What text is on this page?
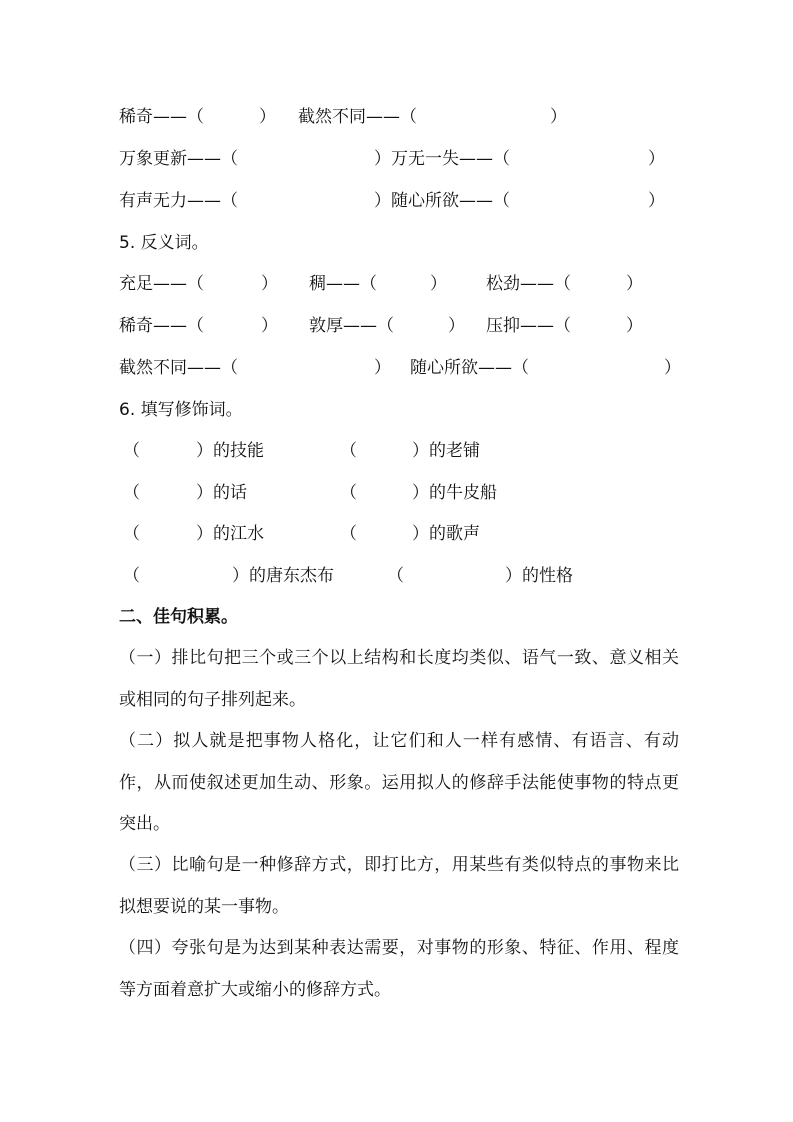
稀奇——（	） 截然不同——（	）
万象更新——（	）万无一失——（	）
有声无力——（	）随心所欲——（	）
5. 反义词。
充足——（	） 稠——（	） 松劲——（	）
稀奇——（	） 敦厚——（	） 压抑——（	）
截然不同——（	） 随心所欲——（	）
6. 填写修饰词。
（	）的技能	（	）的老铺
（	）的话	（	）的牛皮船
（	）的江水	（	）的歌声
（	）的唐东杰布	（	）的性格
二、佳句积累。
（一）排比句把三个或三个以上结构和长度均类似、语气一致、意义相关或相同的句子排列起来。
（二）拟人就是把事物人格化，让它们和人一样有感情、有语言、有动作，从而使叙述更加生动、形象。运用拟人的修辞手法能使事物的特点更突出。
（三）比喻句是一种修辞方式，即打比方，用某些有类似特点的事物来比拟想要说的某一事物。
（四）夸张句是为达到某种表达需要，对事物的形象、特征、作用、程度等方面着意扩大或缩小的修辞方式。
